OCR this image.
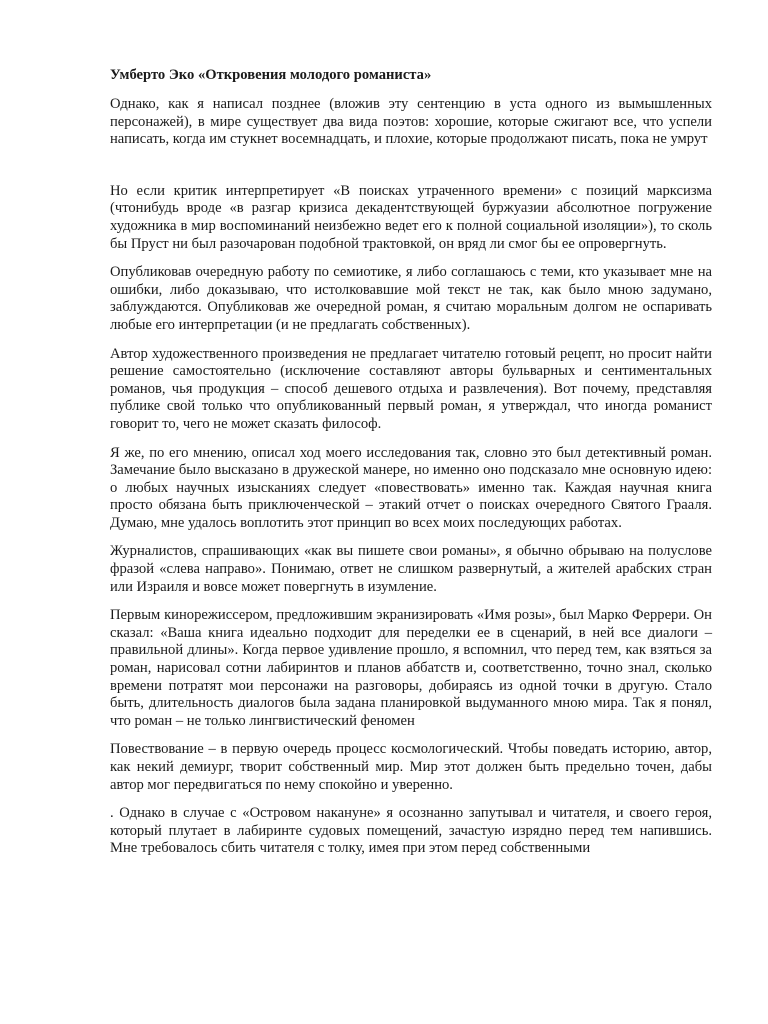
Умберто Эко «Откровения молодого романиста»

Однако, как я написал позднее (вложив эту сентенцию в уста одного из вымышленных персонажей), в мире существует два вида поэтов: хорошие, которые сжигают все, что успели написать, когда им стукнет восемнадцать, и плохие, которые продолжают писать, пока не умрут

Но если критик интерпретирует «В поисках утраченного времени» с позиций марксизма (чтонибудь вроде «в разгар кризиса декадентствующей буржуазии абсолютное погружение художника в мир воспоминаний неизбежно ведет его к полной социальной изоляции»), то сколь бы Пруст ни был разочарован подобной трактовкой, он вряд ли смог бы ее опровергнуть.

Опубликовав очередную работу по семиотике, я либо соглашаюсь с теми, кто указывает мне на ошибки, либо доказываю, что истолковавшие мой текст не так, как было мною задумано, заблуждаются. Опубликовав же очередной роман, я считаю моральным долгом не оспаривать любые его интерпретации (и не предлагать собственных).

Автор художественного произведения не предлагает читателю готовый рецепт, но просит найти решение самостоятельно (исключение составляют авторы бульварных и сентиментальных романов, чья продукция – способ дешевого отдыха и развлечения). Вот почему, представляя публике свой только что опубликованный первый роман, я утверждал, что иногда романист говорит то, чего не может сказать философ.

Я же, по его мнению, описал ход моего исследования так, словно это был детективный роман. Замечание было высказано в дружеской манере, но именно оно подсказало мне основную идею: о любых научных изысканиях следует «повествовать» именно так. Каждая научная книга просто обязана быть приключенческой – этакий отчет о поисках очередного Святого Грааля. Думаю, мне удалось воплотить этот принцип во всех моих последующих работах.

Журналистов, спрашивающих «как вы пишете свои романы», я обычно обрываю на полуслове фразой «слева направо». Понимаю, ответ не слишком развернутый, а жителей арабских стран или Израиля и вовсе может повергнуть в изумление.

Первым кинорежиссером, предложившим экранизировать «Имя розы», был Марко Феррери. Он сказал: «Ваша книга идеально подходит для переделки ее в сценарий, в ней все диалоги – правильной длины». Когда первое удивление прошло, я вспомнил, что перед тем, как взяться за роман, нарисовал сотни лабиринтов и планов аббатств и, соответственно, точно знал, сколько времени потратят мои персонажи на разговоры, добираясь из одной точки в другую. Стало быть, длительность диалогов была задана планировкой выдуманного мною мира. Так я понял, что роман – не только лингвистический феномен

Повествование – в первую очередь процесс космологический. Чтобы поведать историю, автор, как некий демиург, творит собственный мир. Мир этот должен быть предельно точен, дабы автор мог передвигаться по нему спокойно и уверенно.

. Однако в случае с «Островом накануне» я осознанно запутывал и читателя, и своего героя, который плутает в лабиринте судовых помещений, зачастую изрядно перед тем напившись. Мне требовалось сбить читателя с толку, имея при этом перед собственными
